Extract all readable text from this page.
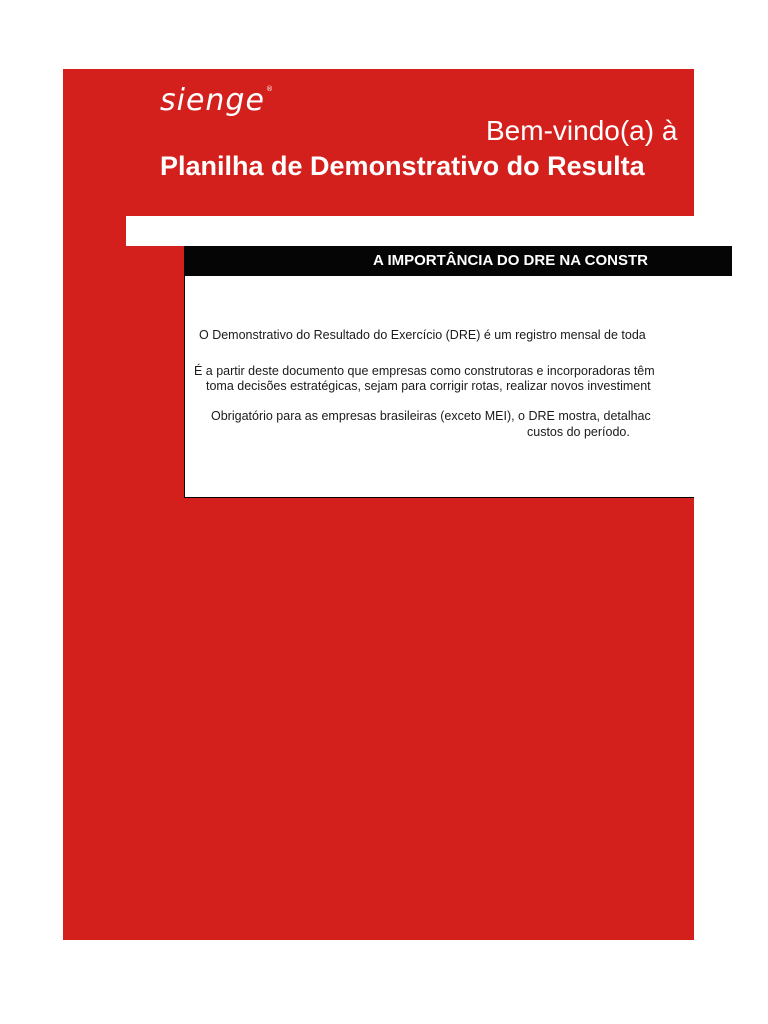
sienge®
Bem-vindo(a) à
Planilha de Demonstrativo do Resulta
O Demonstrativo do Resultado do Exercício (DRE) é um registro mensal de toda
É a partir deste documento que empresas como construtoras e incorporadoras têm
toma decisões estratégicas, sejam para corrigir rotas, realizar novos investiment
Obrigatório para as empresas brasileiras (exceto MEI), o DRE mostra, detalhac
custos do período.
A IMPORTÂNCIA DO DRE NA CONSTR
